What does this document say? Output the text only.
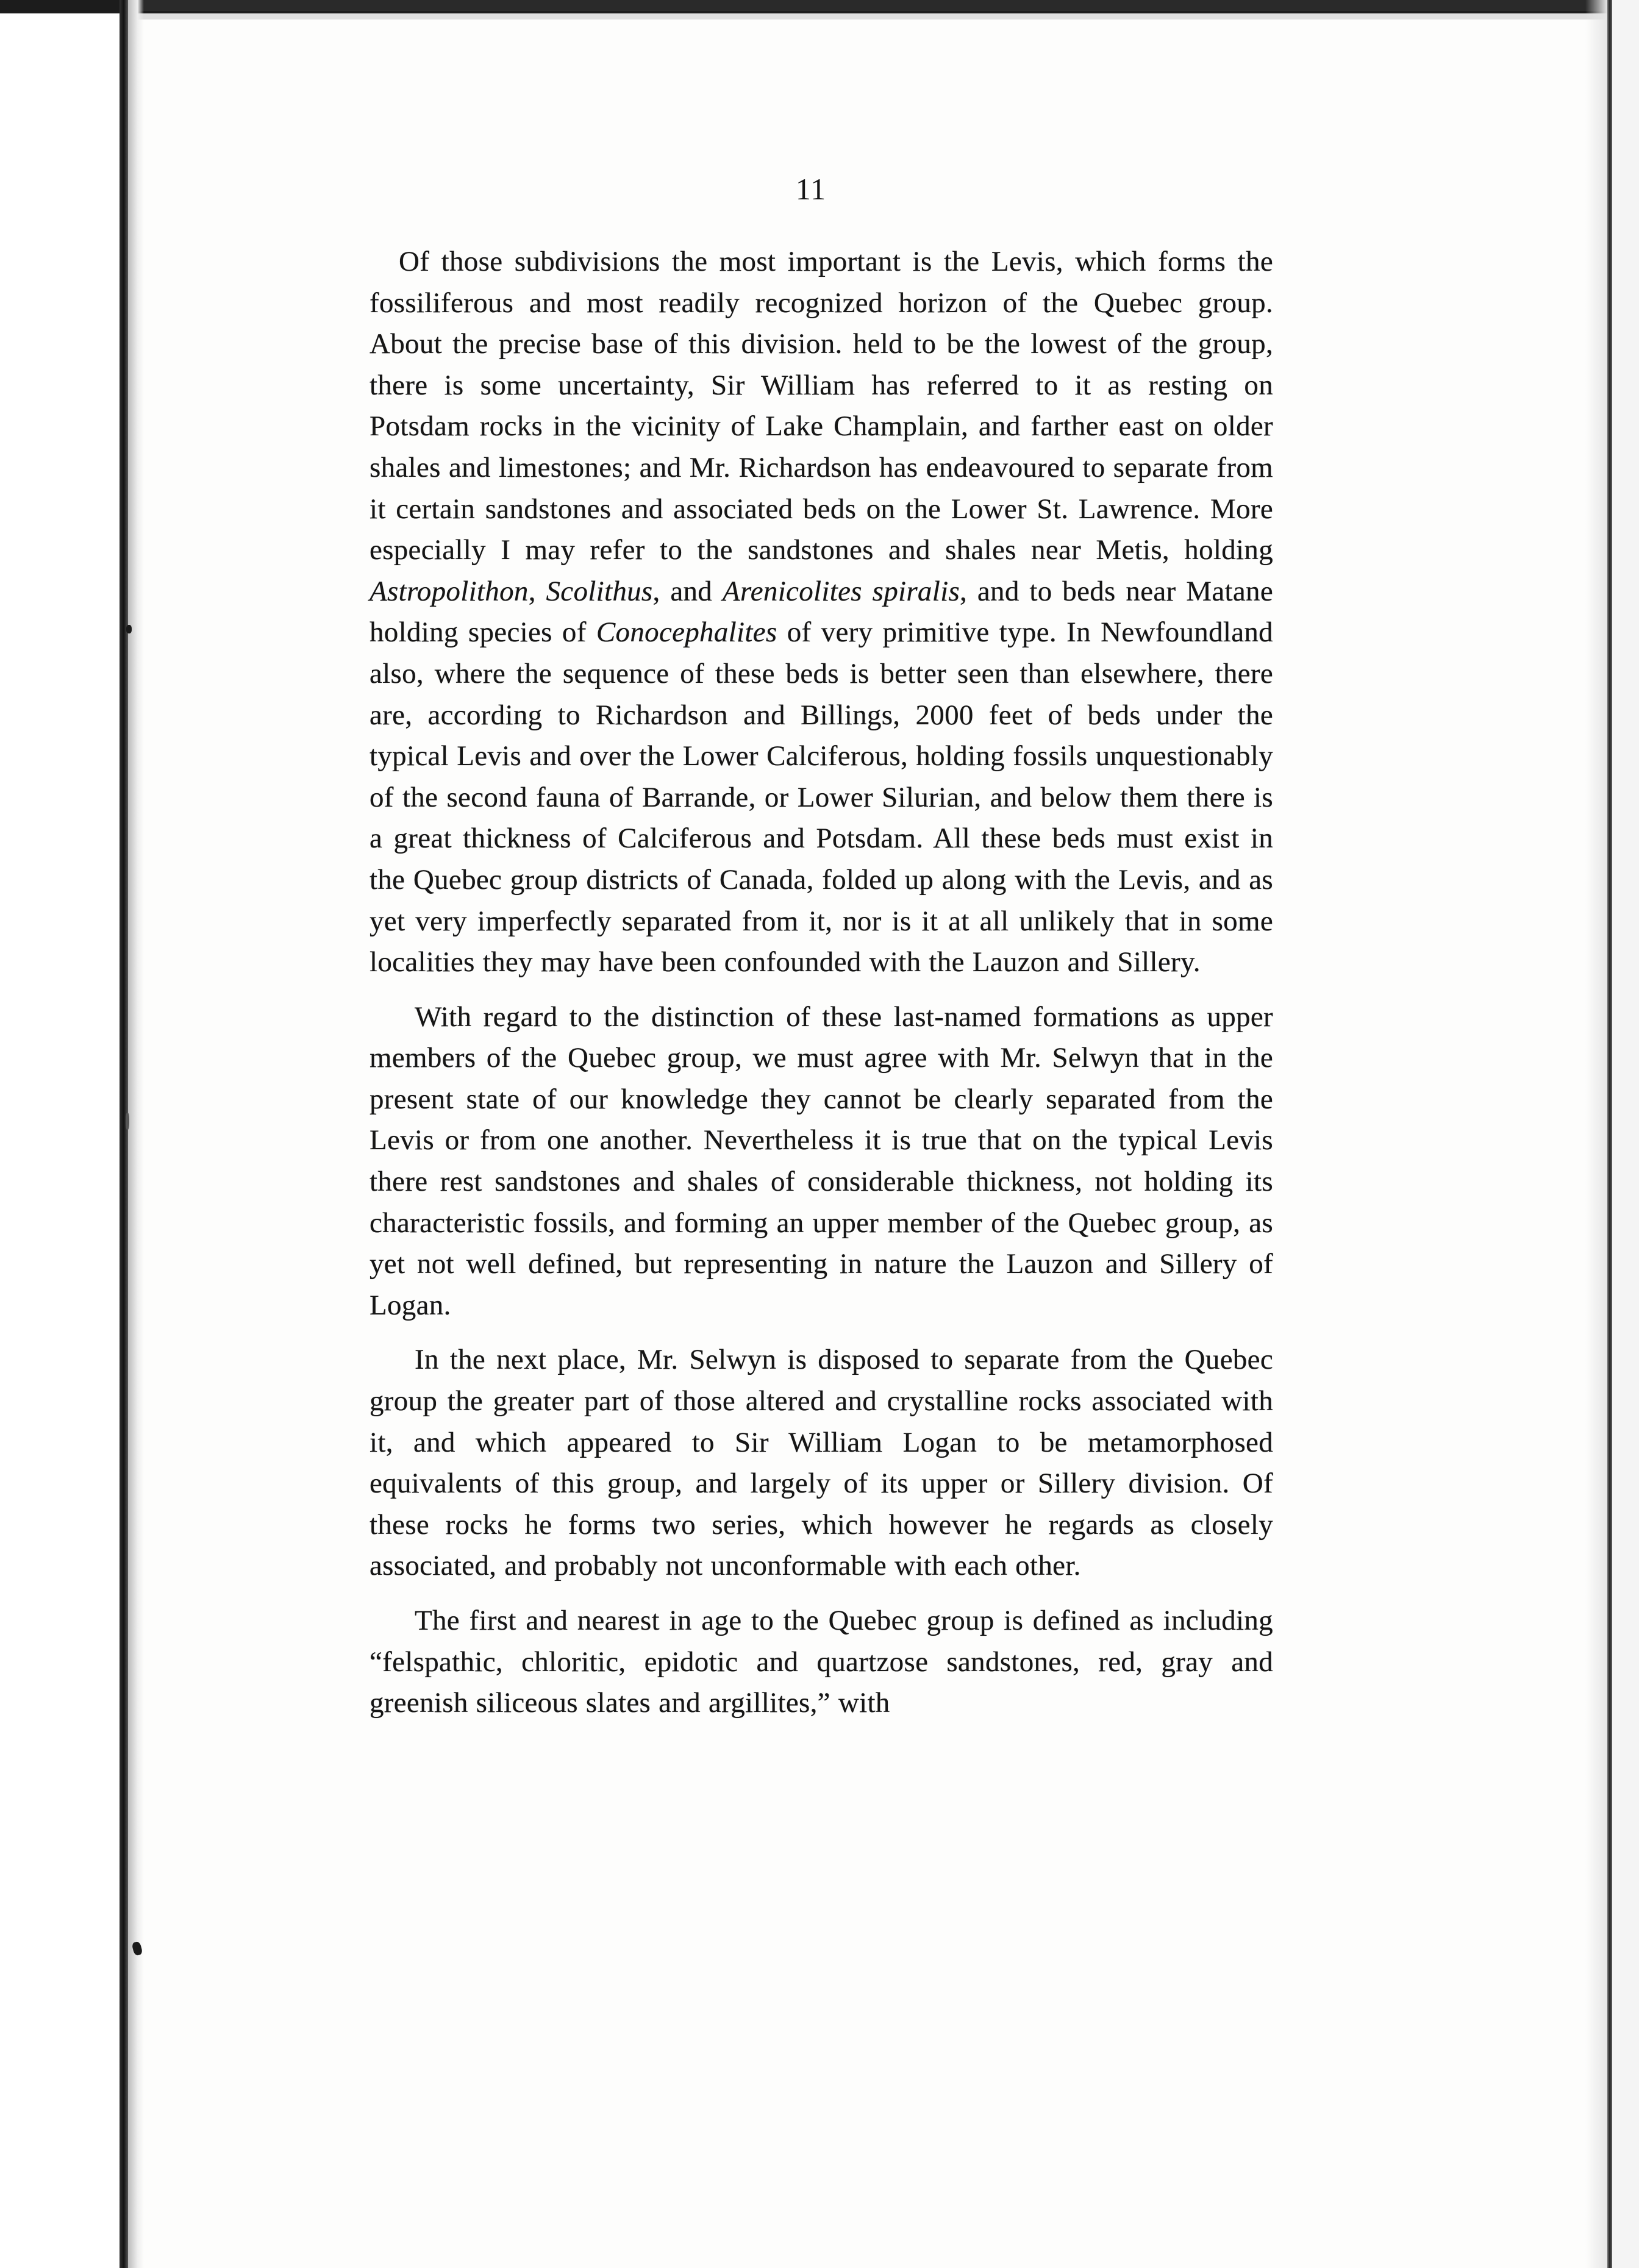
11

Of those subdivisions the most important is the Levis, which forms the fossiliferous and most readily recognized horizon of the Quebec group. About the precise base of this division. held to be the lowest of the group, there is some uncertainty, Sir William has referred to it as resting on Potsdam rocks in the vicinity of Lake Champlain, and farther east on older shales and limestones; and Mr. Richardson has endeavoured to separate from it certain sandstones and associated beds on the Lower St. Lawrence. More especially I may refer to the sandstones and shales near Metis, holding Astropolithon, Scolithus, and Arenicolites spiralis, and to beds near Matane holding species of Conocephalites of very primitive type. In Newfoundland also, where the sequence of these beds is better seen than elsewhere, there are, according to Richardson and Billings, 2000 feet of beds under the typical Levis and over the Lower Calciferous, holding fossils unquestionably of the second fauna of Barrande, or Lower Silurian, and below them there is a great thickness of Calciferous and Potsdam. All these beds must exist in the Quebec group districts of Canada, folded up along with the Levis, and as yet very imperfectly separated from it, nor is it at all unlikely that in some localities they may have been confounded with the Lauzon and Sillery.

With regard to the distinction of these last-named formations as upper members of the Quebec group, we must agree with Mr. Selwyn that in the present state of our knowledge they cannot be clearly separated from the Levis or from one another. Nevertheless it is true that on the typical Levis there rest sandstones and shales of considerable thickness, not holding its characteristic fossils, and forming an upper member of the Quebec group, as yet not well defined, but representing in nature the Lauzon and Sillery of Logan.

In the next place, Mr. Selwyn is disposed to separate from the Quebec group the greater part of those altered and crystalline rocks associated with it, and which appeared to Sir William Logan to be metamorphosed equivalents of this group, and largely of its upper or Sillery division. Of these rocks he forms two series, which however he regards as closely associated, and probably not unconformable with each other.

The first and nearest in age to the Quebec group is defined as including “felspathic, chloritic, epidotic and quartzose sandstones, red, gray and greenish siliceous slates and argillites,” with
